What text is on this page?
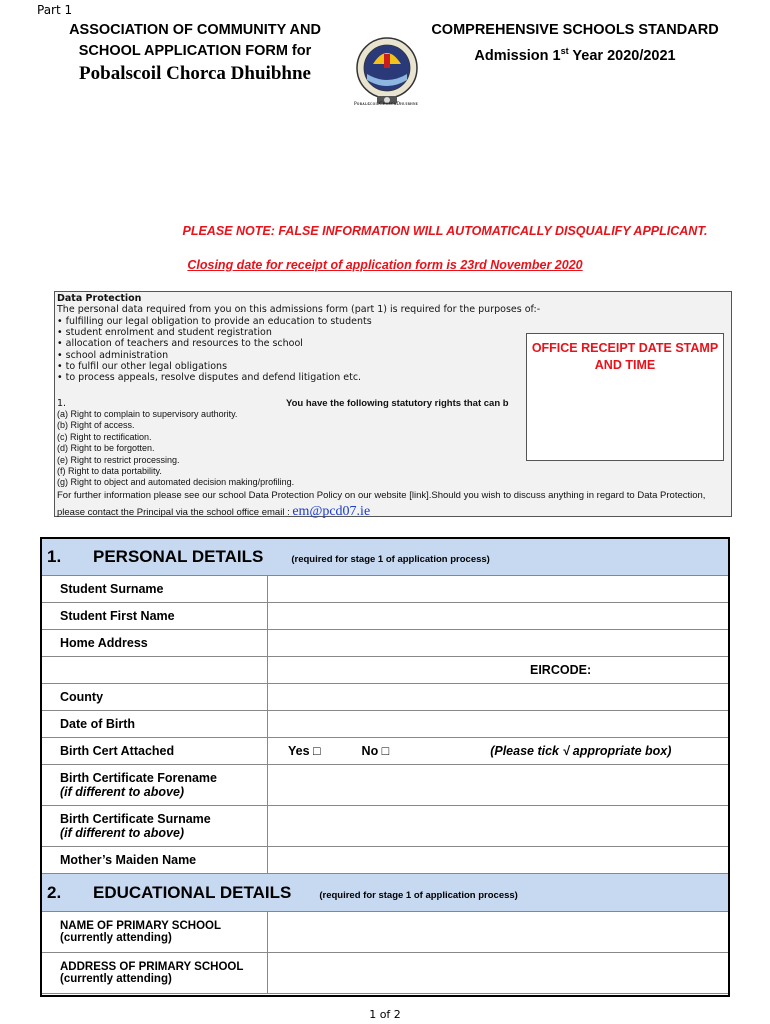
Part 1
ASSOCIATION OF COMMUNITY AND
SCHOOL APPLICATION FORM for
Pobalscoil Chorca Dhuibhne
PᴏʙᴀʟꜱᴄᴏɪʟCʜᴏʀᴄᴀDʜᴜɪʙʜɴᴇ
COMPREHENSIVE SCHOOLS STANDARD
Admission 1st Year 2020/2021
PLEASE NOTE: FALSE INFORMATION WILL AUTOMATICALLY DISQUALIFY APPLICANT.
Closing date for receipt of application form is 23rd November 2020
Data Protection
The personal data required from you on this admissions form (part 1) is required for the purposes of:-
• fulfilling our legal obligation to provide an education to students
• student enrolment and student registration
• allocation of teachers and resources to the school
• school administration
• to fulfil our other legal obligations
• to process appeals, resolve disputes and defend litigation etc.
1.	You have the following statutory rights that can b
(a) Right to complain to supervisory authority.
(b) Right of access.
(c) Right to rectification.
(d) Right to be forgotten.
(e) Right to restrict processing.
(f) Right to data portability.
(g) Right to object and automated decision making/profiling.
For further information please see our school Data Protection Policy on our website [link].Should you wish to discuss anything in regard to Data Protection, please contact the Principal via the school office email : em@pcd07.ie
OFFICE RECEIPT DATE STAMP
AND TIME
1. PERSONAL DETAILS (required for stage 1 of application process)	
Student Surname	
Student First Name	
Home Address	
	EIRCODE:
County	
Date of Birth	
Birth Cert Attached	Yes □ No □ (Please tick √ appropriate box)

Birth Certificate Forename
(if different to above)	

Birth Certificate Surname
(if different to above)	

Mother’s Maiden Name	
2. EDUCATIONAL DETAILS (required for stage 1 of application process)	

NAME OF PRIMARY SCHOOL
(currently attending)	

ADDRESS OF PRIMARY SCHOOL
(currently attending)	

1 of 2
